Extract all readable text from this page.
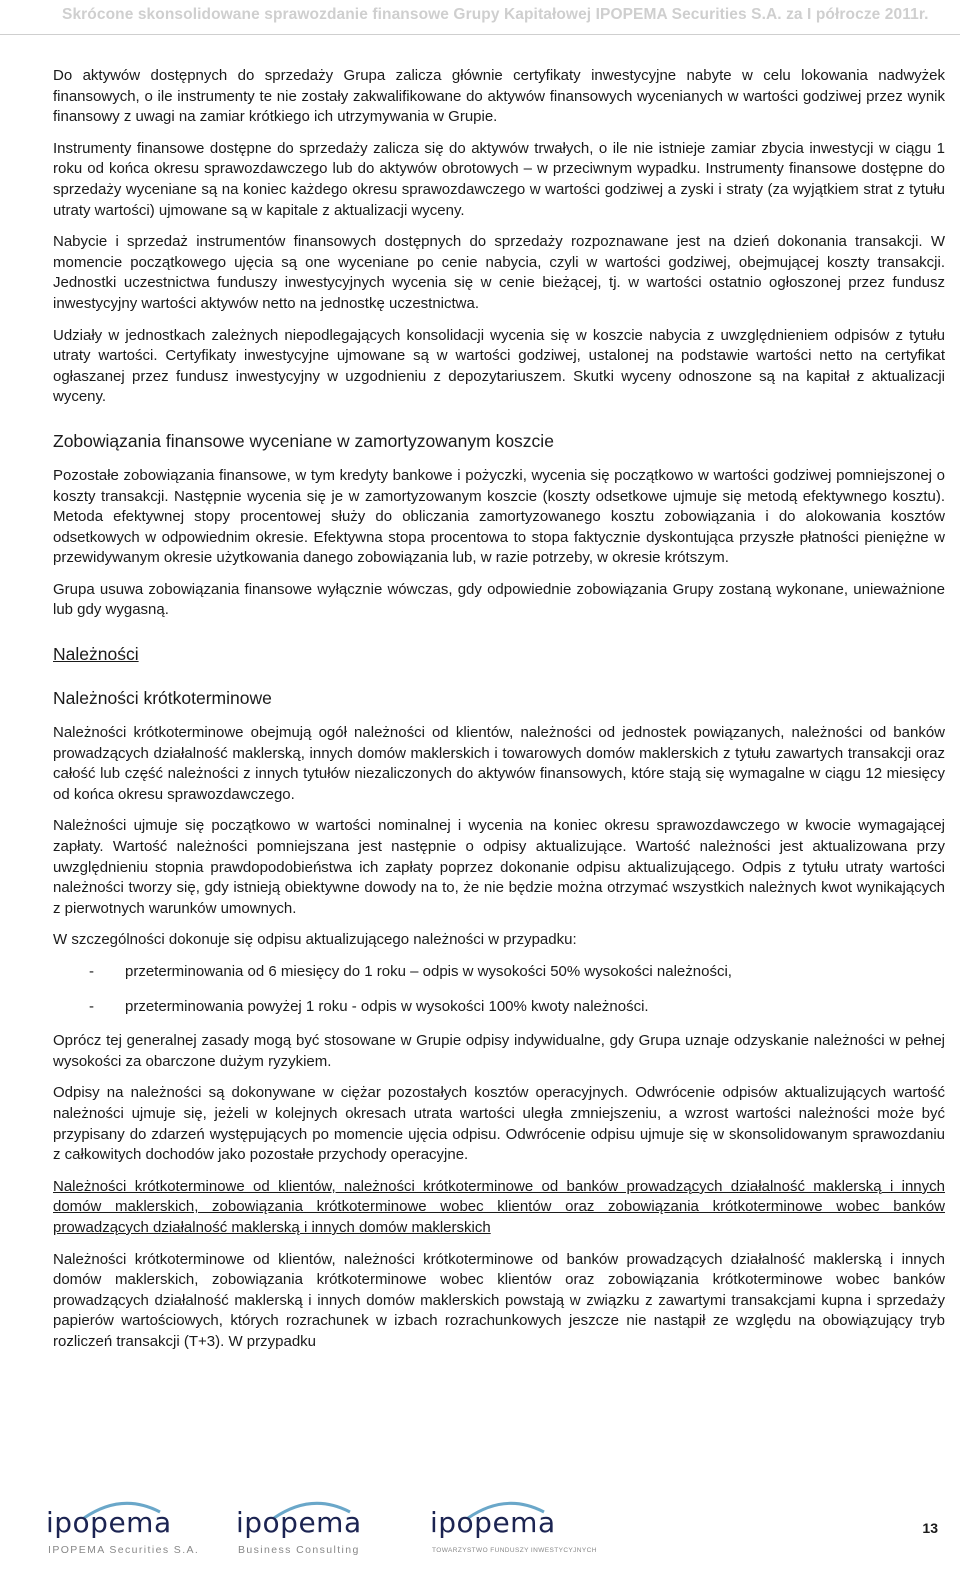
Skrócone skonsolidowane sprawozdanie finansowe Grupy Kapitałowej IPOPEMA Securities S.A. za I półrocze 2011r.

Do aktywów dostępnych do sprzedaży Grupa zalicza głównie certyfikaty inwestycyjne nabyte w celu lokowania nadwyżek finansowych, o ile instrumenty te nie zostały zakwalifikowane do aktywów finansowych wycenianych w wartości godziwej przez wynik finansowy z uwagi na zamiar krótkiego ich utrzymywania w Grupie.

Instrumenty finansowe dostępne do sprzedaży zalicza się do aktywów trwałych, o ile nie istnieje zamiar zbycia inwestycji w ciągu 1 roku od końca okresu sprawozdawczego lub do aktywów obrotowych – w przeciwnym wypadku. Instrumenty finansowe dostępne do sprzedaży wyceniane są na koniec każdego okresu sprawozdawczego w wartości godziwej a zyski i straty (za wyjątkiem strat z tytułu utraty wartości) ujmowane są w kapitale z aktualizacji wyceny.

Nabycie i sprzedaż instrumentów finansowych dostępnych do sprzedaży rozpoznawane jest na dzień dokonania transakcji. W momencie początkowego ujęcia są one wyceniane po cenie nabycia, czyli w wartości godziwej, obejmującej koszty transakcji. Jednostki uczestnictwa funduszy inwestycyjnych wycenia się w cenie bieżącej, tj. w wartości ostatnio ogłoszonej przez fundusz inwestycyjny wartości aktywów netto na jednostkę uczestnictwa.

Udziały w jednostkach zależnych niepodlegających konsolidacji wycenia się w koszcie nabycia z uwzględnieniem odpisów z tytułu utraty wartości. Certyfikaty inwestycyjne ujmowane są w wartości godziwej, ustalonej na podstawie wartości netto na certyfikat ogłaszanej przez fundusz inwestycyjny w uzgodnieniu z depozytariuszem. Skutki wyceny odnoszone są na kapitał z aktualizacji wyceny.

Zobowiązania finansowe wyceniane w zamortyzowanym koszcie

Pozostałe zobowiązania finansowe, w tym kredyty bankowe i pożyczki, wycenia się początkowo w wartości godziwej pomniejszonej o koszty transakcji. Następnie wycenia się je w zamortyzowanym koszcie (koszty odsetkowe ujmuje się metodą efektywnego kosztu). Metoda efektywnej stopy procentowej służy do obliczania zamortyzowanego kosztu zobowiązania i do alokowania kosztów odsetkowych w odpowiednim okresie. Efektywna stopa procentowa to stopa faktycznie dyskontująca przyszłe płatności pieniężne w przewidywanym okresie użytkowania danego zobowiązania lub, w razie potrzeby, w okresie krótszym.

Grupa usuwa zobowiązania finansowe wyłącznie wówczas, gdy odpowiednie zobowiązania Grupy zostaną wykonane, unieważnione lub gdy wygasną.

Należności
Należności krótkoterminowe

Należności krótkoterminowe obejmują ogół należności od klientów, należności od jednostek powiązanych, należności od banków prowadzących działalność maklerską, innych domów maklerskich i towarowych domów maklerskich z tytułu zawartych transakcji oraz całość lub część należności z innych tytułów niezaliczonych do aktywów finansowych, które stają się wymagalne w ciągu 12 miesięcy od końca okresu sprawozdawczego.

Należności ujmuje się początkowo w wartości nominalnej i wycenia na koniec okresu sprawozdawczego w kwocie wymagającej zapłaty. Wartość należności pomniejszana jest następnie o odpisy aktualizujące. Wartość należności jest aktualizowana przy uwzględnieniu stopnia prawdopodobieństwa ich zapłaty poprzez dokonanie odpisu aktualizującego. Odpis z tytułu utraty wartości należności tworzy się, gdy istnieją obiektywne dowody na to, że nie będzie można otrzymać wszystkich należnych kwot wynikających z pierwotnych warunków umownych.

W szczególności dokonuje się odpisu aktualizującego należności w przypadku:

-	przeterminowania od 6 miesięcy do 1 roku – odpis w wysokości 50% wysokości należności,
-	przeterminowania powyżej 1 roku - odpis w wysokości 100% kwoty należności.

Oprócz tej generalnej zasady mogą być stosowane w Grupie odpisy indywidualne, gdy Grupa uznaje odzyskanie należności w pełnej wysokości za obarczone dużym ryzykiem.

Odpisy na należności są dokonywane w ciężar pozostałych kosztów operacyjnych. Odwrócenie odpisów aktualizujących wartość należności ujmuje się, jeżeli w kolejnych okresach utrata wartości uległa zmniejszeniu, a wzrost wartości należności może być przypisany do zdarzeń występujących po momencie ujęcia odpisu. Odwrócenie odpisu ujmuje się w skonsolidowanym sprawozdaniu z całkowitych dochodów jako pozostałe przychody operacyjne.

Należności krótkoterminowe od klientów, należności krótkoterminowe od banków prowadzących działalność maklerską i innych domów maklerskich, zobowiązania krótkoterminowe wobec klientów oraz zobowiązania krótkoterminowe wobec banków prowadzących działalność maklerską i innych domów maklerskich

Należności krótkoterminowe od klientów, należności krótkoterminowe od banków prowadzących działalność maklerską i innych domów maklerskich, zobowiązania krótkoterminowe wobec klientów oraz zobowiązania krótkoterminowe wobec banków prowadzących działalność maklerską i innych domów maklerskich powstają w związku z zawartymi transakcjami kupna i sprzedaży papierów wartościowych, których rozrachunek w izbach rozrachunkowych jeszcze nie nastąpił ze względu na obowiązujący tryb rozliczeń transakcji (T+3). W przypadku

ipopema
IPOPEMA Securities S.A.
ipopema
Business Consulting
ipopema
TOWARZYSTWO FUNDUSZY INWESTYCYJNYCH
13
